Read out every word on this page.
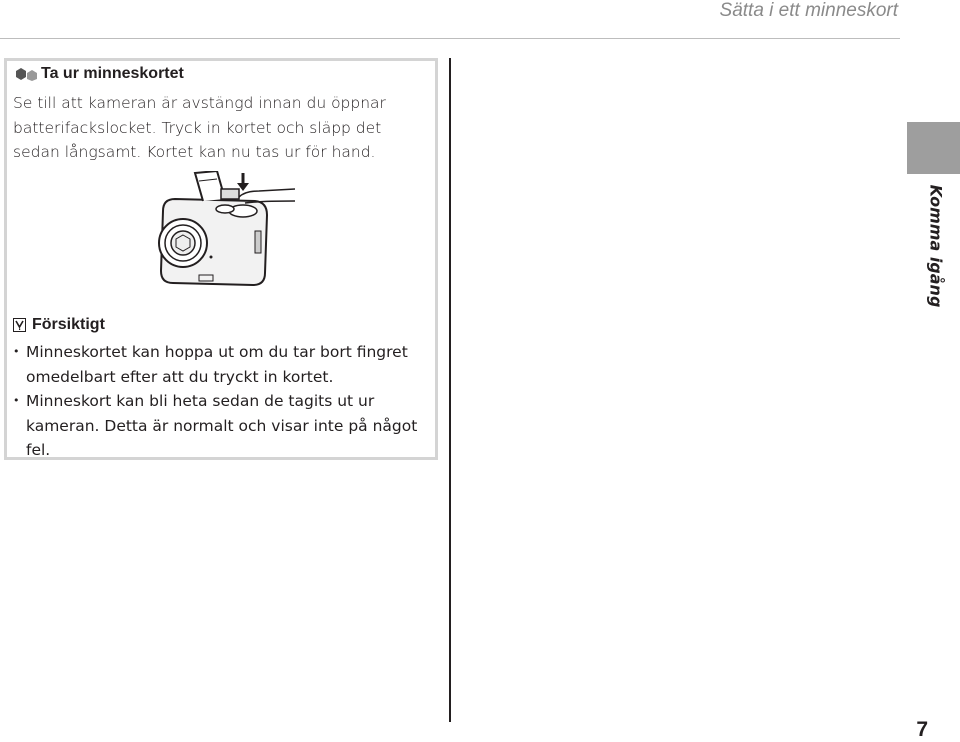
Sätta i ett minneskort
Ta ur minneskortet
Se till att kameran är avstängd innan du öppnar batterifackslocket. Tryck in kortet och släpp det sedan långsamt. Kortet kan nu tas ur för hand.
Försiktigt
• Minneskortet kan hoppa ut om du tar bort fingret omedelbart efter att du tryckt in kortet.
• Minneskort kan bli heta sedan de tagits ut ur kameran. Detta är normalt och visar inte på något fel.
Komma igång
7
